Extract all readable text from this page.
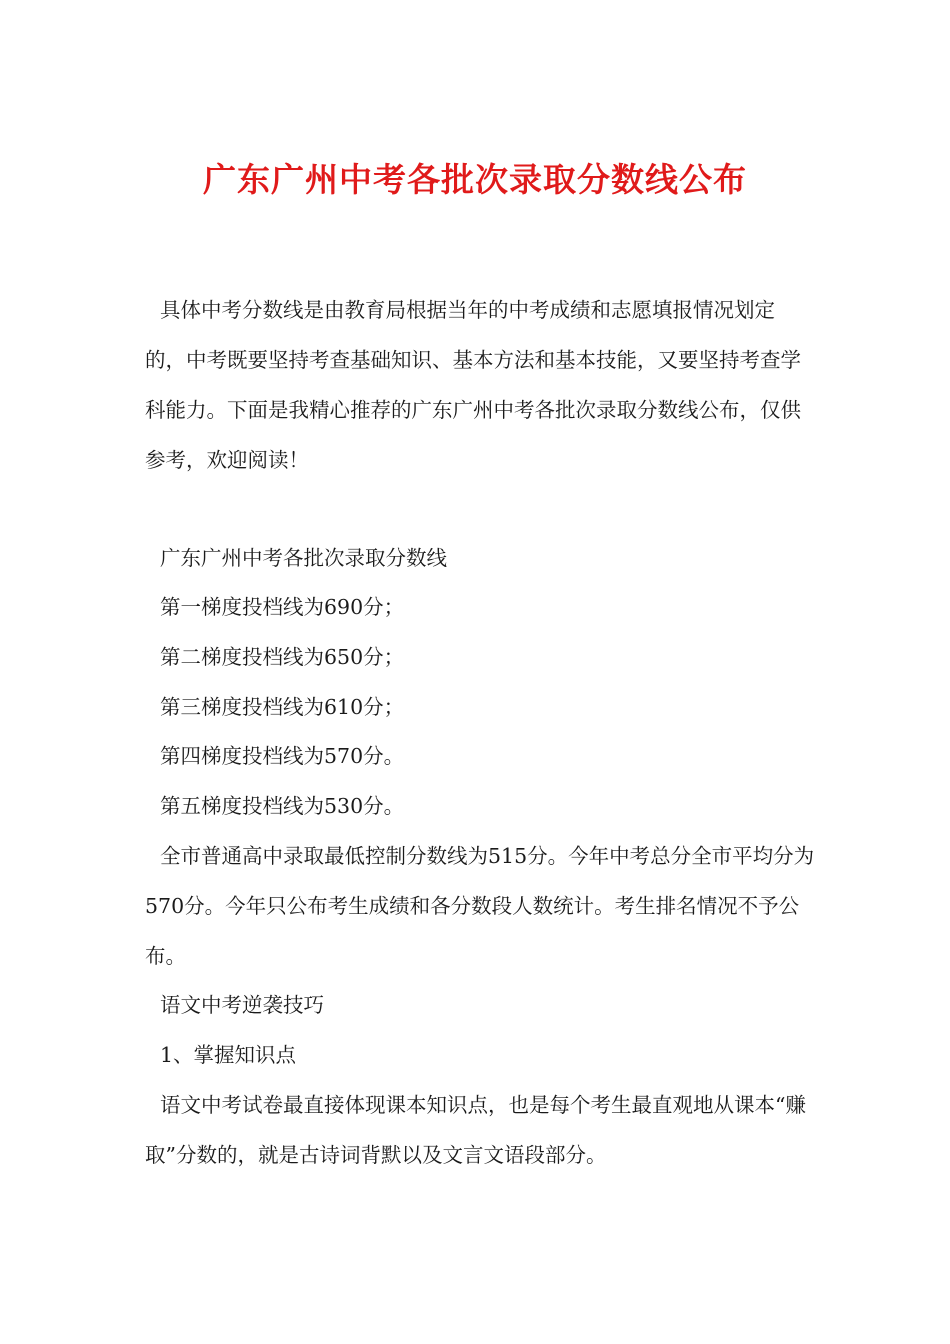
广东广州中考各批次录取分数线公布

具体中考分数线是由教育局根据当年的中考成绩和志愿填报情况划定的，中考既要坚持考查基础知识、基本方法和基本技能，又要坚持考查学科能力。下面是我精心推荐的广东广州中考各批次录取分数线公布，仅供参考，欢迎阅读！

广东广州中考各批次录取分数线

第一梯度投档线为690分；

第二梯度投档线为650分；

第三梯度投档线为610分；

第四梯度投档线为570分。

第五梯度投档线为530分。

全市普通高中录取最低控制分数线为515分。今年中考总分全市平均分为570分。今年只公布考生成绩和各分数段人数统计。考生排名情况不予公布。

语文中考逆袭技巧

1、掌握知识点

语文中考试卷最直接体现课本知识点，也是每个考生最直观地从课本“赚取”分数的，就是古诗词背默以及文言文语段部分。
